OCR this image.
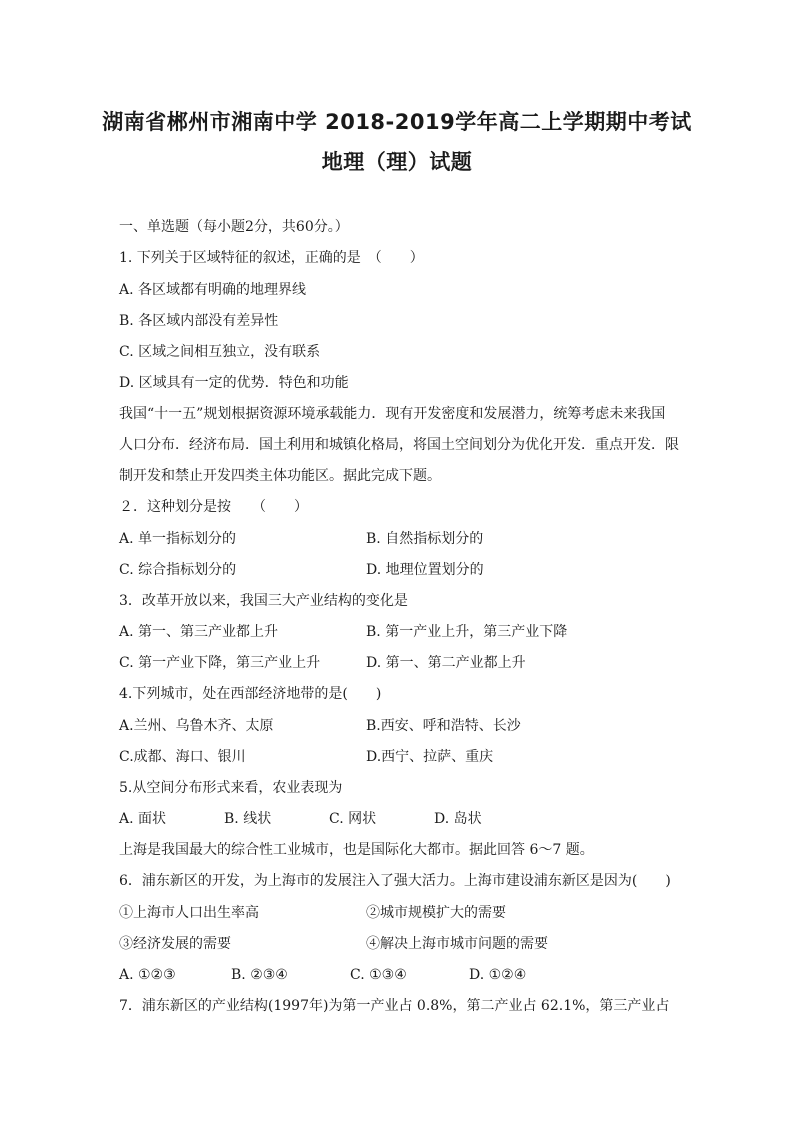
湖南省郴州市湘南中学 2018-2019学年高二上学期期中考试
地理（理）试题
一、单选题（每小题2分，共60分。）
1. 下列关于区域特征的叙述，正确的是　（　　）
A. 各区域都有明确的地理界线
B. 各区域内部没有差异性
C. 区域之间相互独立，没有联系
D. 区域具有一定的优势．特色和功能
我国“十一五”规划根据资源环境承载能力．现有开发密度和发展潜力，统筹考虑未来我国
人口分布．经济布局．国土利用和城镇化格局，将国土空间划分为优化开发．重点开发．限
制开发和禁止开发四类主体功能区。据此完成下题。
２．这种划分是按　　（　　）
A. 单一指标划分的	B. 自然指标划分的
C. 综合指标划分的	D. 地理位置划分的
3．改革开放以来，我国三大产业结构的变化是
A. 第一、第三产业都上升	B. 第一产业上升，第三产业下降
C. 第一产业下降，第三产业上升	D. 第一、第二产业都上升
4.下列城市，处在西部经济地带的是(　　)
A.兰州、乌鲁木齐、太原	B.西安、呼和浩特、长沙
C.成都、海口、银川	D.西宁、拉萨、重庆
5.从空间分布形式来看，农业表现为
A. 面状	B. 线状	C. 网状	D. 岛状
上海是我国最大的综合性工业城市，也是国际化大都市。据此回答 6～7 题。
6．浦东新区的开发，为上海市的发展注入了强大活力。上海市建设浦东新区是因为(　　)
①上海市人口出生率高	②城市规模扩大的需要
③经济发展的需要	④解决上海市城市问题的需要
A. ①②③	B. ②③④	C. ①③④	D. ①②④
7．浦东新区的产业结构(1997年)为第一产业占 0.8%，第二产业占 62.1%，第三产业占
